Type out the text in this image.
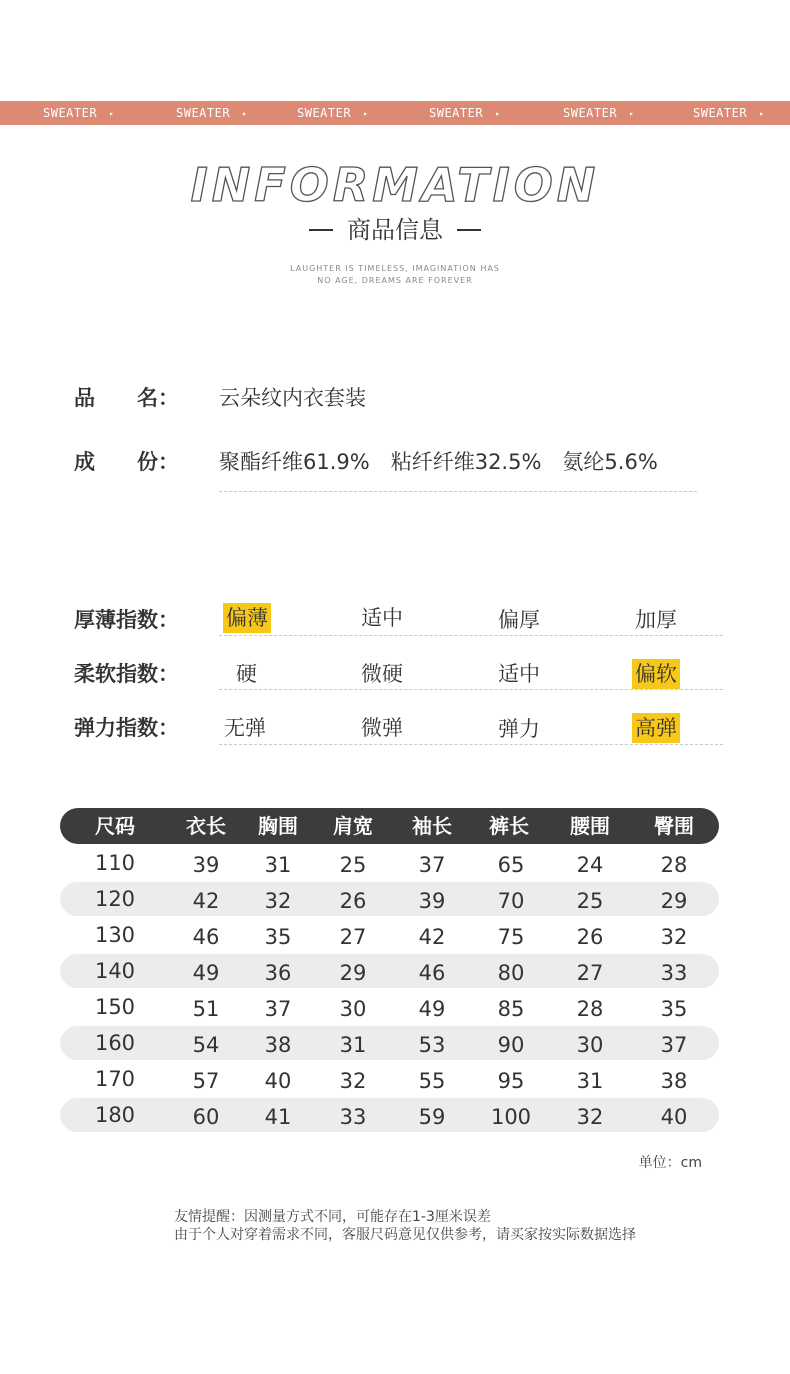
SWEATER ▸	SWEATER ▸	SWEATER ▸	SWEATER ▸	SWEATER ▸	SWEATER ▸
INFORMATION
商品信息
LAUGHTER IS TIMELESS, IMAGINATION HAS
NO AGE, DREAMS ARE FOREVER
品　　名： 云朵纹内衣套装
成　　份： 聚酯纤维61.9%　粘纤纤维32.5%　氨纶5.6%
厚薄指数： 偏薄	适中	偏厚	加厚
柔软指数：	硬	微硬	适中	偏软
弹力指数： 无弹	微弹	弹力	高弹
尺码	衣长	胸围	肩宽	袖长	裤长	腰围	臀围
110	39	31	25	37	65	24	28
120	42	32	26	39	70	25	29
130	46	35	27	42	75	26	32
140	49	36	29	46	80	27	33
150	51	37	30	49	85	28	35
160	54	38	31	53	90	30	37
170	57	40	32	55	95	31	38
180	60	41	33	59	100	32	40
单位：cm
友情提醒：因测量方式不同，可能存在1-3厘米误差
由于个人对穿着需求不同，客服尺码意见仅供参考，请买家按实际数据选择
